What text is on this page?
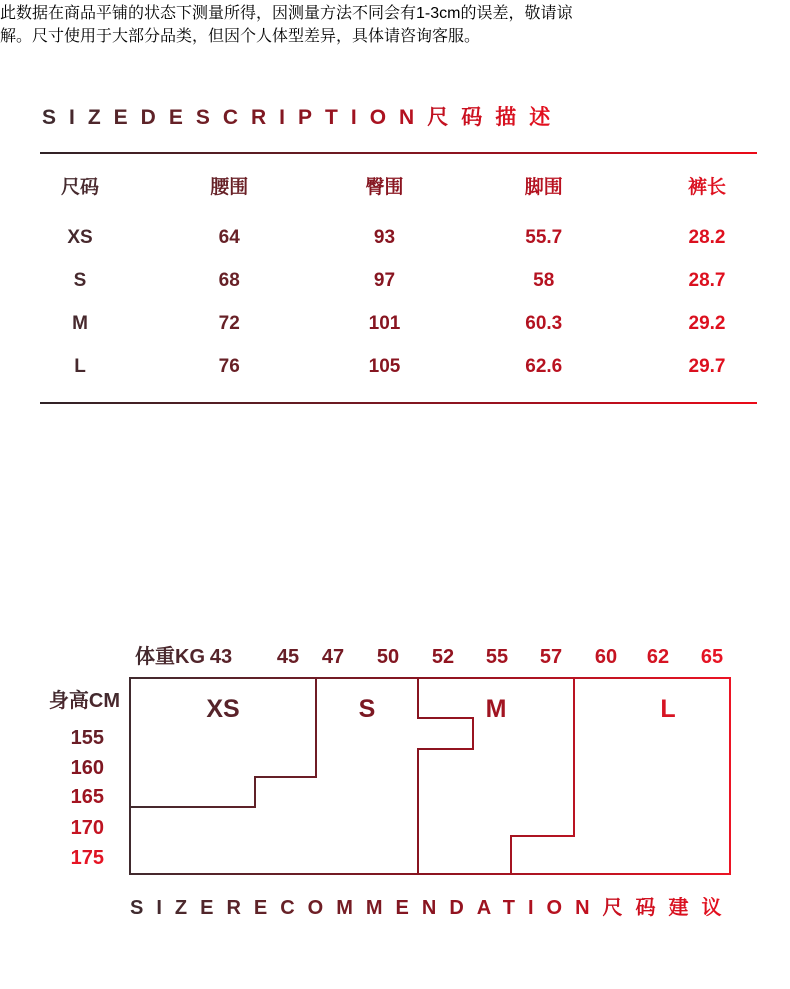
SIZEDESCRIPTION尺码描述
尺码	腰围	臀围	脚围	裤长
XS	64	93	55.7	28.2
S	68	97	58	28.7
M	72	101	60.3	29.2
L	76	105	62.6	29.7

此数据在商品平铺的状态下测量所得，因测量方法不同会有1-3cm的误差，敬请谅
解。尺寸使用于大部分品类，但因个人体型差异，具体请咨询客服。

体重KG 43 45 47 50 52 55 57 60 62 65
身高CM
155
160
165
170
175
XS	S	M	L
SIZERECOMMENDATION尺码建议
